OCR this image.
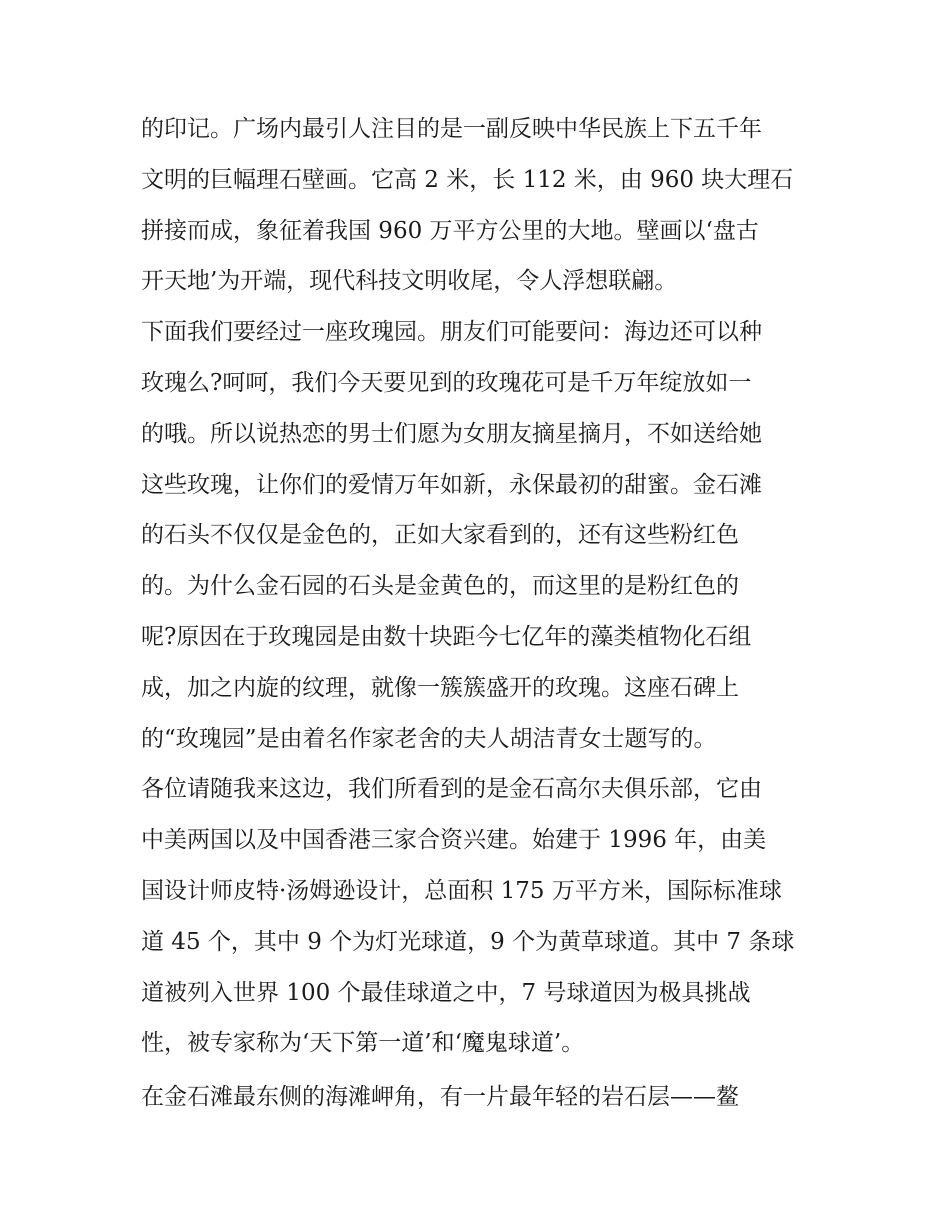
的印记。广场内最引人注目的是一副反映中华民族上下五千年
文明的巨幅理石壁画。它高 2 米，长 112 米，由 960 块大理石
拼接而成，象征着我国 960 万平方公里的大地。壁画以‘盘古
开天地’为开端，现代科技文明收尾，令人浮想联翩。
下面我们要经过一座玫瑰园。朋友们可能要问：海边还可以种
玫瑰么?呵呵，我们今天要见到的玫瑰花可是千万年绽放如一
的哦。所以说热恋的男士们愿为女朋友摘星摘月，不如送给她
这些玫瑰，让你们的爱情万年如新，永保最初的甜蜜。金石滩
的石头不仅仅是金色的，正如大家看到的，还有这些粉红色
的。为什么金石园的石头是金黄色的，而这里的是粉红色的
呢?原因在于玫瑰园是由数十块距今七亿年的藻类植物化石组
成，加之内旋的纹理，就像一簇簇盛开的玫瑰。这座石碑上
的“玫瑰园”是由着名作家老舍的夫人胡洁青女士题写的。
各位请随我来这边，我们所看到的是金石高尔夫俱乐部，它由
中美两国以及中国香港三家合资兴建。始建于 1996 年，由美
国设计师皮特·汤姆逊设计，总面积 175 万平方米，国际标准球
道 45 个，其中 9 个为灯光球道，9 个为黄草球道。其中 7 条球
道被列入世界 100 个最佳球道之中，7 号球道因为极具挑战
性，被专家称为‘天下第一道’和‘魔鬼球道’。
在金石滩最东侧的海滩岬角，有一片最年轻的岩石层——鳌
